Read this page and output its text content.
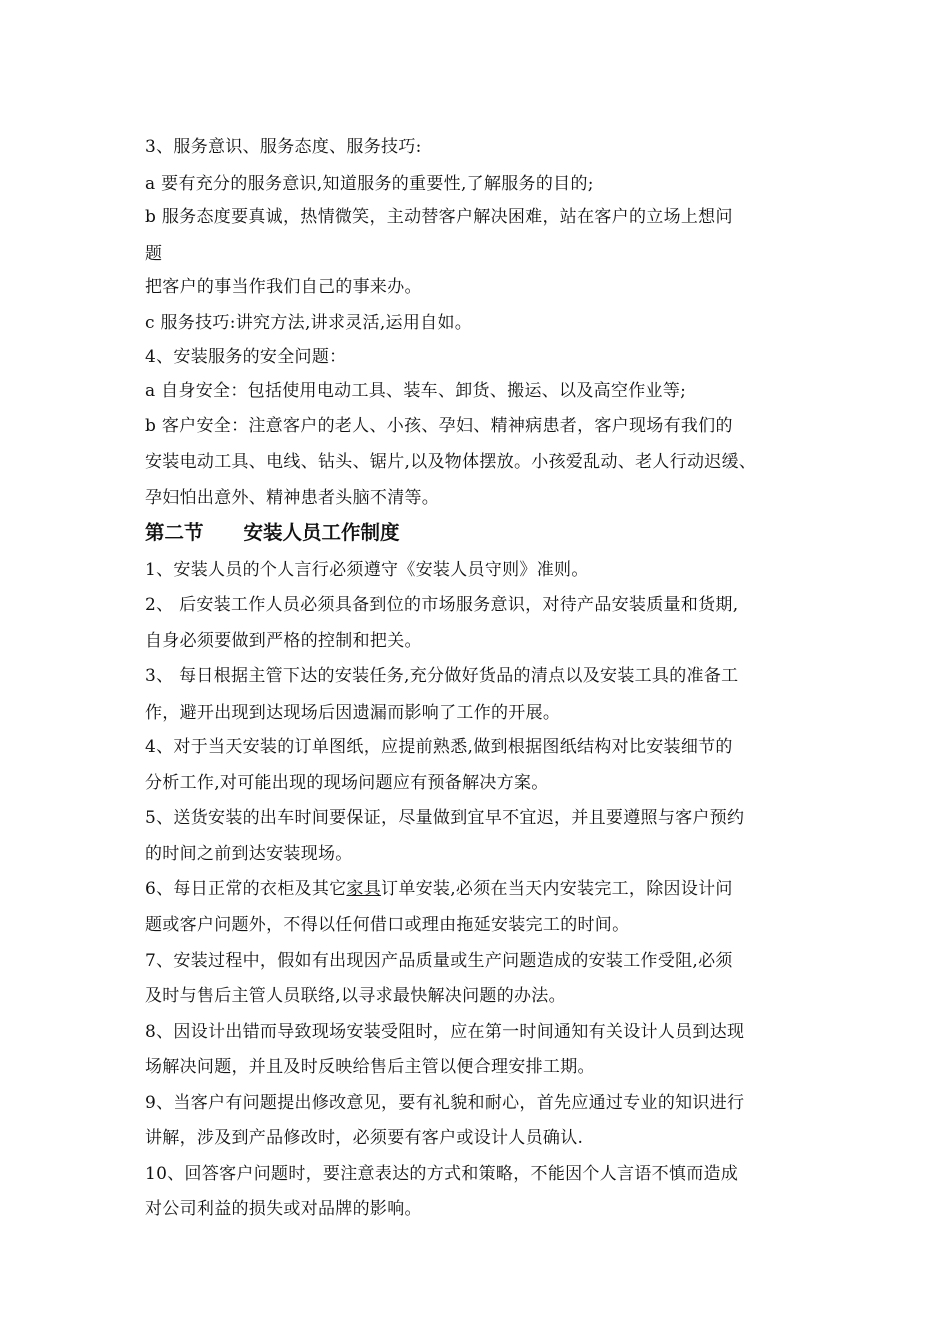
3、服务意识、服务态度、服务技巧:
a 要有充分的服务意识,知道服务的重要性,了解服务的目的;
b 服务态度要真诚，热情微笑，主动替客户解决困难，站在客户的立场上想问
题
把客户的事当作我们自己的事来办。
c 服务技巧:讲究方法,讲求灵活,运用自如。
4、安装服务的安全问题：
a 自身安全：包括使用电动工具、装车、卸货、搬运、以及高空作业等;
b 客户安全：注意客户的老人、小孩、孕妇、精神病患者，客户现场有我们的
安装电动工具、电线、钻头、锯片,以及物体摆放。小孩爱乱动、老人行动迟缓、
孕妇怕出意外、精神患者头脑不清等。
第二节 安装人员工作制度
1、安装人员的个人言行必须遵守《安装人员守则》准则。
2、 后安装工作人员必须具备到位的市场服务意识，对待产品安装质量和货期,
自身必须要做到严格的控制和把关。
3、 每日根据主管下达的安装任务,充分做好货品的清点以及安装工具的准备工
作，避开出现到达现场后因遗漏而影响了工作的开展。
4、对于当天安装的订单图纸，应提前熟悉,做到根据图纸结构对比安装细节的
分析工作,对可能出现的现场问题应有预备解决方案。
5、送货安装的出车时间要保证，尽量做到宜早不宜迟，并且要遵照与客户预约
的时间之前到达安装现场。
6、每日正常的衣柜及其它家具订单安装,必须在当天内安装完工，除因设计问
题或客户问题外，不得以任何借口或理由拖延安装完工的时间。
7、安装过程中，假如有出现因产品质量或生产问题造成的安装工作受阻,必须
及时与售后主管人员联络,以寻求最快解决问题的办法。
8、因设计出错而导致现场安装受阻时，应在第一时间通知有关设计人员到达现
场解决问题，并且及时反映给售后主管以便合理安排工期。
9、当客户有问题提出修改意见，要有礼貌和耐心，首先应通过专业的知识进行
讲解，涉及到产品修改时，必须要有客户或设计人员确认.
10、回答客户问题时，要注意表达的方式和策略，不能因个人言语不慎而造成
对公司利益的损失或对品牌的影响。
